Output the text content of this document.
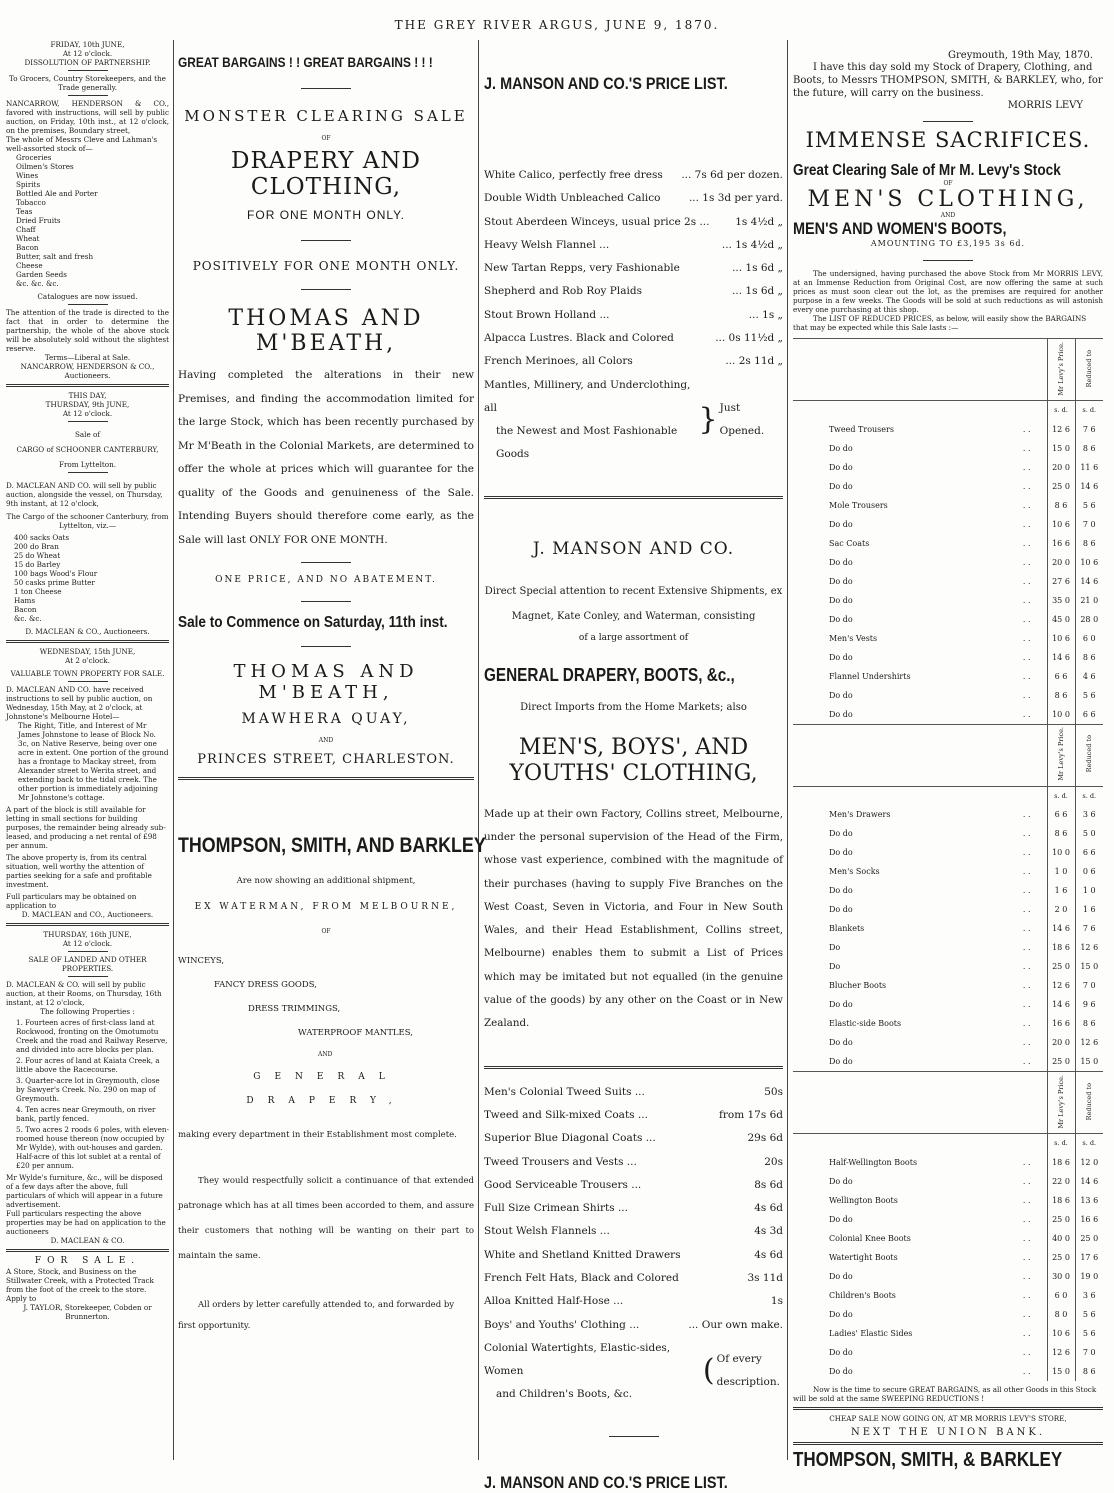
THE GREY RIVER ARGUS, JUNE 9, 1870.
FRIDAY, 10th JUNE,
At 12 o'clock.
DISSOLUTION OF PARTNERSHIP.
To Grocers, Country Storekeepers, and the Trade generally.
NANCARROW, HENDERSON & CO., favored with instructions, will sell by public auction, on Friday, 10th inst., at 12 o'clock, on the premises, Boundary street,
The whole of Messrs Cleve and Lahman's well-assorted stock of—
Groceries
Oilmen's Stores
Wines
Spirits
Bottled Ale and Porter
Tobacco
Teas
Dried Fruits
Chaff
Wheat
Bacon
Butter, salt and fresh
Cheese
Garden Seeds
&c. &c. &c.
Catalogues are now issued.
The attention of the trade is directed to the fact that in order to determine the partnership, the whole of the above stock will be absolutely sold without the slightest reserve.
Terms—Liberal at Sale.
NANCARROW, HENDERSON & CO., Auctioneers.
THIS DAY,
THURSDAY, 9th JUNE,
At 12 o'clock.
Sale of
CARGO of SCHOONER CANTERBURY,
From Lyttelton.
D. MACLEAN AND CO. will sell by public auction, alongside the vessel, on Thursday, 9th instant, at 12 o'clock,
The Cargo of the schooner Canterbury, from Lyttelton, viz.—
400 sacks Oats
200 do Bran
25 do Wheat
15 do Barley
100 bags Wood's Flour
50 casks prime Butter
1 ton Cheese
Hams
Bacon
&c. &c.
D. MACLEAN & CO., Auctioneers.
WEDNESDAY, 15th JUNE,
At 2 o'clock.
VALUABLE TOWN PROPERTY FOR SALE.
D. MACLEAN AND CO. have received instructions to sell by public auction, on Wednesday, 15th May, at 2 o'clock, at Johnstone's Melbourne Hotel—
The Right, Title, and Interest of Mr James Johnstone to lease of Block No. 3c, on Native Reserve, being over one acre in extent. One portion of the ground has a frontage to Mackay street, from Alexander street to Werita street, and extending back to the tidal creek. The other portion is immediately adjoining Mr Johnstone's cottage.
A part of the block is still available for letting in small sections for building purposes, the remainder being already sub-leased, and producing a net rental of £98 per annum.
The above property is, from its central situation, well worthy the attention of parties seeking for a safe and profitable investment.
Full particulars may be obtained on application to
D. MACLEAN and CO., Auctioneers.
THURSDAY, 16th JUNE,
At 12 o'clock.
SALE OF LANDED AND OTHER PROPERTIES.
D. MACLEAN & CO. will sell by public auction, at their Rooms, on Thursday, 16th instant, at 12 o'clock,
The following Properties :
1. Fourteen acres of first-class land at Rockwood, fronting on the Omotumotu Creek and the road and Railway Reserve, and divided into acre blocks per plan.
2. Four acres of land at Kaiata Creek, a little above the Racecourse.
3. Quarter-acre lot in Greymouth, close by Sawyer's Creek. No. 290 on map of Greymouth.
4. Ten acres near Greymouth, on river bank, partly fenced.
5. Two acres 2 roods 6 poles, with eleven-roomed house thereon (now occupied by Mr Wylde), with out-houses and garden. Half-acre of this lot sublet at a rental of £20 per annum.
Mr Wylde's furniture, &c., will be disposed of a few days after the above, full particulars of which will appear in a future advertisement.
Full particulars respecting the above properties may be had on application to the auctioneers
D. MACLEAN & CO.
FOR SALE.
A Store, Stock, and Business on the Stillwater Creek, with a Protected Track from the foot of the creek to the store.
Apply to
J. TAYLOR, Storekeeper, Cobden or Brunnerton.
GREAT BARGAINS ! ! GREAT BARGAINS ! ! !
MONSTER CLEARING SALE
OF
DRAPERY AND CLOTHING,
FOR ONE MONTH ONLY.
POSITIVELY FOR ONE MONTH ONLY.
THOMAS AND M'BEATH,
Having completed the alterations in their new Premises, and finding the accommodation limited for the large Stock, which has been recently purchased by Mr M'Beath in the Colonial Markets, are determined to offer the whole at prices which will guarantee for the quality of the Goods and genuineness of the Sale. Intending Buyers should therefore come early, as the Sale will last ONLY FOR ONE MONTH.
ONE PRICE, AND NO ABATEMENT.
Sale to Commence on Saturday, 11th inst.
THOMAS AND M'BEATH,
MAWHERA QUAY,
AND
PRINCES STREET, CHARLESTON.
THOMPSON, SMITH, AND BARKLEY
Are now showing an additional shipment,
EX WATERMAN, FROM MELBOURNE,
OF
WINCEYS,
FANCY DRESS GOODS,
DRESS TRIMMINGS,
WATERPROOF MANTLES,
AND
GENERAL DRAPERY,
making every department in their Establishment most complete.
They would respectfully solicit a continuance of that extended patronage which has at all times been accorded to them, and assure their customers that nothing will be wanting on their part to maintain the same.
All orders by letter carefully attended to, and forwarded by first opportunity.
J. MANSON AND CO.'S PRICE LIST.
White Calico, perfectly free dress ... 7s 6d per dozen.
Double Width Unbleached Calico	... 1s 3d per yard.
Stout Aberdeen Winceys, usual price 2s ... 1s 4½d „
Heavy Welsh Flannel ...	... 1s 4½d „
New Tartan Repps, very Fashionable	... 1s 6d „
Shepherd and Rob Roy Plaids	... 1s 6d „
Stout Brown Holland ...	... 1s „
Alpacca Lustres. Black and Colored	... 0s 11½d „
French Merinoes, all Colors	... 2s 11d „
Mantles, Millinery, and Underclothing, all
the Newest and Most Fashionable Goods
} Just Opened.
J. MANSON AND CO.
Direct Special attention to recent Extensive Shipments, ex Magnet, Kate Conley, and Waterman, consisting
of a large assortment of
GENERAL DRAPERY, BOOTS, &c.,
Direct Imports from the Home Markets; also
MEN'S, BOYS', AND YOUTHS' CLOTHING,
Made up at their own Factory, Collins street, Melbourne, under the personal supervision of the Head of the Firm, whose vast experience, combined with the magnitude of their purchases (having to supply Five Branches on the West Coast, Seven in Victoria, and Four in New South Wales, and their Head Establishment, Collins street, Melbourne) enables them to submit a List of Prices which may be imitated but not equalled (in the genuine value of the goods) by any other on the Coast or in New Zealand.
Men's Colonial Tweed Suits ...	50s
Tweed and Silk-mixed Coats ...	from 17s 6d
Superior Blue Diagonal Coats ...	29s 6d
Tweed Trousers and Vests ...	20s
Good Serviceable Trousers ...	8s 6d
Full Size Crimean Shirts ...	4s 6d
Stout Welsh Flannels ...	4s 3d
White and Shetland Knitted Drawers	4s 6d
French Felt Hats, Black and Colored	3s 11d
Alloa Knitted Half-Hose ...	1s
Boys' and Youths' Clothing ...	... Our own make.
Colonial Watertights, Elastic-sides, Women
and Children's Boots, &c.
( Of every description.
J. MANSON AND CO.'S PRICE LIST.
Greymouth, 19th May, 1870.
I have this day sold my Stock of Drapery, Clothing, and Boots, to Messrs THOMPSON, SMITH, & BARKLEY, who, for the future, will carry on the business.
MORRIS LEVY
IMMENSE SACRIFICES.
Great Clearing Sale of Mr M. Levy's Stock
OF
MEN'S CLOTHING,
AND
MEN'S AND WOMEN'S BOOTS,
AMOUNTING TO £3,195 3s 6d.
The undersigned, having purchased the above Stock from Mr MORRIS LEVY, at an Immense Reduction from Original Cost, are now offering the same at such prices as must soon clear out the lot, as the premises are required for another purpose in a few weeks. The Goods will be sold at such reductions as will astonish every one purchasing at this shop.
The LIST OF REDUCED PRICES, as below, will easily show the BARGAINS that may be expected while this Sale lasts :—
		Mr Levy's Price.	Reduced to
		s. d.	s. d.
Tweed Trousers	. .	12 6	7 6
Do do	. .	15 0	8 6
Do do	. .	20 0	11 6
Do do	. .	25 0	14 6
Mole Trousers	. .	8 6	5 6
Do do	. .	10 6	7 0
Sac Coats	. .	16 6	8 6
Do do	. .	20 0	10 6
Do do	. .	27 6	14 6
Do do	. .	35 0	21 0
Do do	. .	45 0	28 0
Men's Vests	. .	10 6	6 0
Do do	. .	14 6	8 6
Flannel Undershirts	. .	6 6	4 6
Do do	. .	8 6	5 6
Do do	. .	10 0	6 6
		Mr Levy's Price.	Reduced to
		s. d.	s. d.
Men's Drawers	. .	6 6	3 6
Do do	. .	8 6	5 0
Do do	. .	10 0	6 6
Men's Socks	. .	1 0	0 6
Do do	. .	1 6	1 0
Do do	. .	2 0	1 6
Blankets	. .	14 6	7 6
Do	. .	18 6	12 6
Do	. .	25 0	15 0
Blucher Boots	. .	12 6	7 0
Do do	. .	14 6	9 6
Elastic-side Boots	. .	16 6	8 6
Do do	. .	20 0	12 6
Do do	. .	25 0	15 0
		Mr Levy's Price.	Reduced to
		s. d.	s. d.
Half-Wellington Boots	. .	18 6	12 0
Do do	. .	22 0	14 6
Wellington Boots	. .	18 6	13 6
Do do	. .	25 0	16 6
Colonial Knee Boots	. .	40 0	25 0
Watertight Boots	. .	25 0	17 6
Do do	. .	30 0	19 0
Children's Boots	. .	6 0	3 6
Do do	. .	8 0	5 6
Ladies' Elastic Sides	. .	10 6	5 6
Do do	. .	12 6	7 0
Do do	. .	15 0	8 6
Now is the time to secure GREAT BARGAINS, as all other Goods in this Stock will be sold at the same SWEEPING REDUCTIONS !
CHEAP SALE NOW GOING ON, AT MR MORRIS LEVY'S STORE,
NEXT THE UNION BANK.
THOMPSON, SMITH, & BARKLEY
